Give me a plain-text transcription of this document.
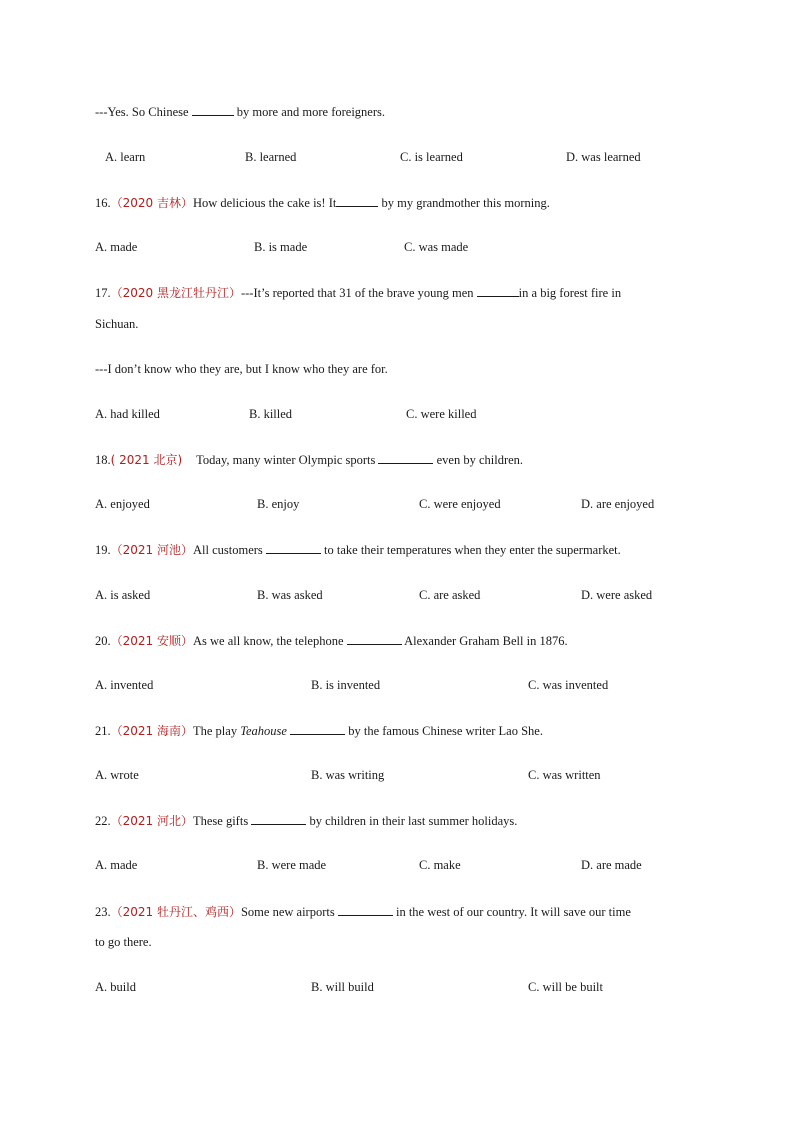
---Yes. So Chinese	by more and more foreigners.
A. learn	B. learned	C. is learned	D. was learned
16.（2020 吉林）How delicious the cake is! It	by my grandmother this morning.
A. made	B. is made	C. was made
17.（2020 黑龙江牡丹江）---It’s reported that 31 of the brave young men	in a big forest fire in
Sichuan.
---I don’t know who they are, but I know who they are for.
A. had killed	B. killed	C. were killed
18.( 2021 北京) Today, many winter Olympic sports	even by children.
A. enjoyed	B. enjoy	C. were enjoyed	D. are enjoyed
19.（2021 河池）All customers	to take their temperatures when they enter the supermarket.
A. is asked	B. was asked	C. are asked	D. were asked
20.（2021 安顺）As we all know, the telephone	Alexander Graham Bell in 1876.
A. invented	B. is invented	C. was invented
21.（2021 海南）The play Teahouse	by the famous Chinese writer Lao She.
A. wrote	B. was writing	C. was written
22.（2021 河北）These gifts	by children in their last summer holidays.
A. made	B. were made	C. make	D. are made
23.（2021 牡丹江、鸡西）Some new airports	in the west of our country. It will save our time
to go there.
A. build	B. will build	C. will be built
